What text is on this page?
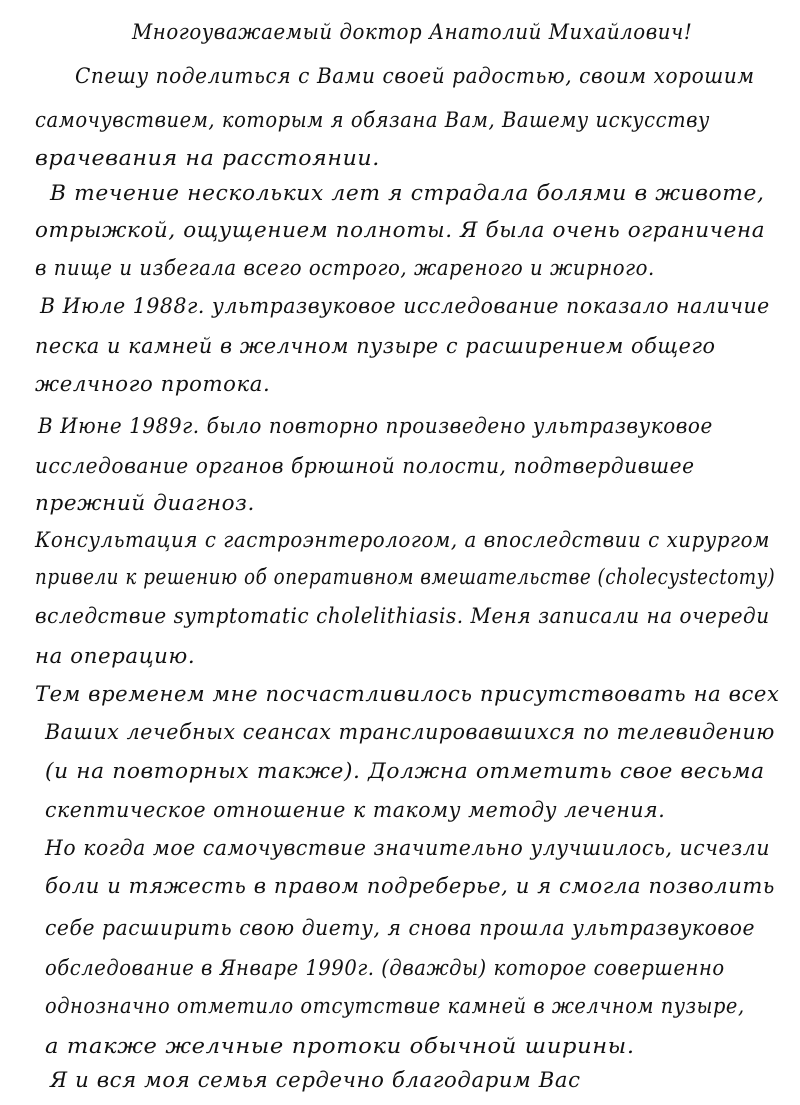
Многоуважаемый доктор Анатолий Михайлович!
Спешу поделиться с Вами своей радостью, своим хорошим
самочувствием, которым я обязана Вам, Вашему искусству
врачевания на расстоянии.
В течение нескольких лет я страдала болями в животе,
отрыжкой, ощущением полноты. Я была очень ограничена
в пище и избегала всего острого, жареного и жирного.
В Июле 1988г. ультразвуковое исследование показало наличие
песка и камней в желчном пузыре с расширением общего
желчного протока.
В Июне 1989г. было повторно произведено ультразвуковое
исследование органов брюшной полости, подтвердившее
прежний диагноз.
Консультация с гастроэнтерологом, а впоследствии с хирургом
привели к решению об оперативном вмешательстве (cholecystectomy)
вследствие symptomatic cholelithiasis. Меня записали на очереди
на операцию.
Тем временем мне посчастливилось присутствовать на всех
Ваших лечебных сеансах транслировавшихся по телевидению
(и на повторных также). Должна отметить свое весьма
скептическое отношение к такому методу лечения.
Но когда мое самочувствие значительно улучшилось, исчезли
боли и тяжесть в правом подреберье, и я смогла позволить
себе расширить свою диету, я снова прошла ультразвуковое
обследование в Январе 1990г. (дважды) которое совершенно
однозначно отметило отсутствие камней в желчном пузыре,
а также желчные протоки обычной ширины.
Я и вся моя семья сердечно благодарим Вас
